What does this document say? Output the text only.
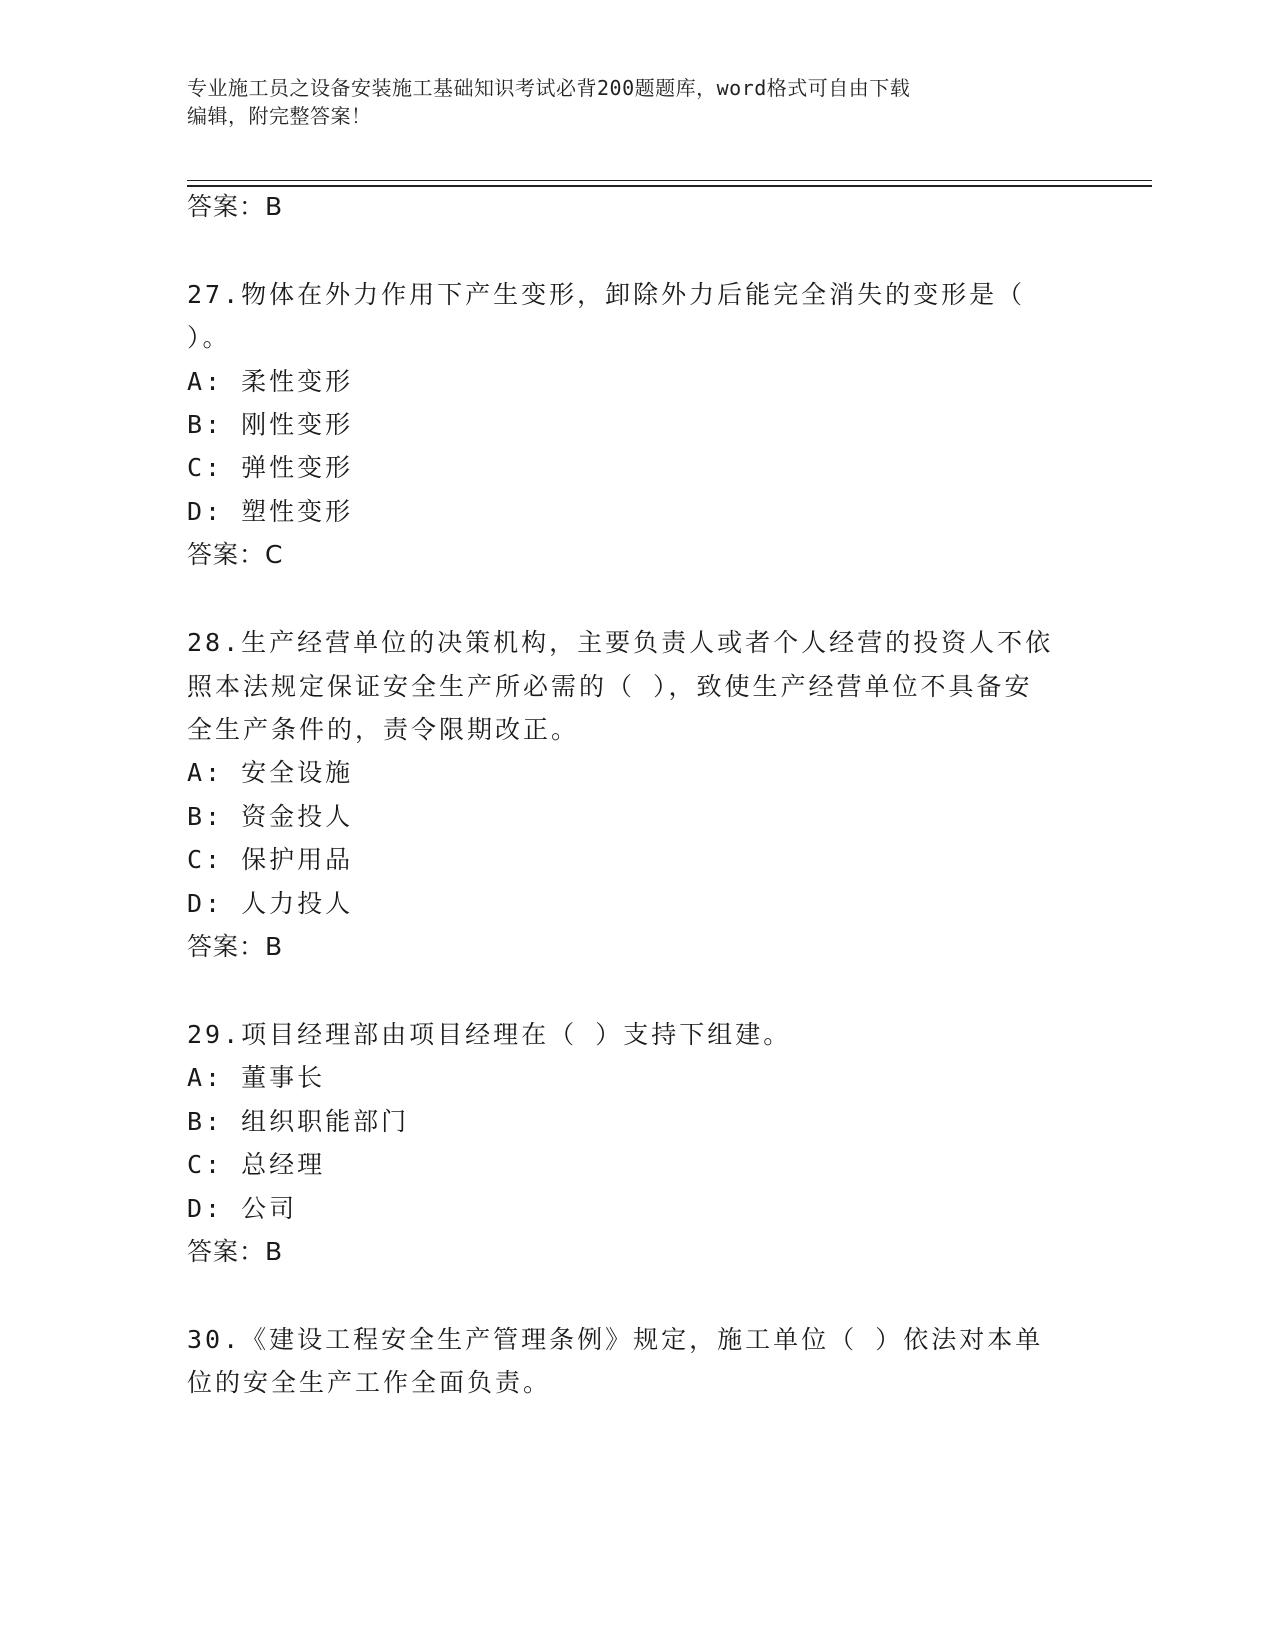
专业施工员之设备安装施工基础知识考试必背200题题库，word格式可自由下载
编辑，附完整答案！
答案：B
27.物体在外力作用下产生变形，卸除外力后能完全消失的变形是（
）。
A: 柔性变形
B: 刚性变形
C: 弹性变形
D: 塑性变形
答案：C
28.生产经营单位的决策机构，主要负责人或者个人经营的投资人不依
照本法规定保证安全生产所必需的（ ），致使生产经营单位不具备安
全生产条件的，责令限期改正。
A: 安全设施
B: 资金投人
C: 保护用品
D: 人力投人
答案：B
29.项目经理部由项目经理在（ ）支持下组建。
A: 董事长
B: 组织职能部门
C: 总经理
D: 公司
答案：B
30.《建设工程安全生产管理条例》规定，施工单位（ ）依法对本单
位的安全生产工作全面负责。
